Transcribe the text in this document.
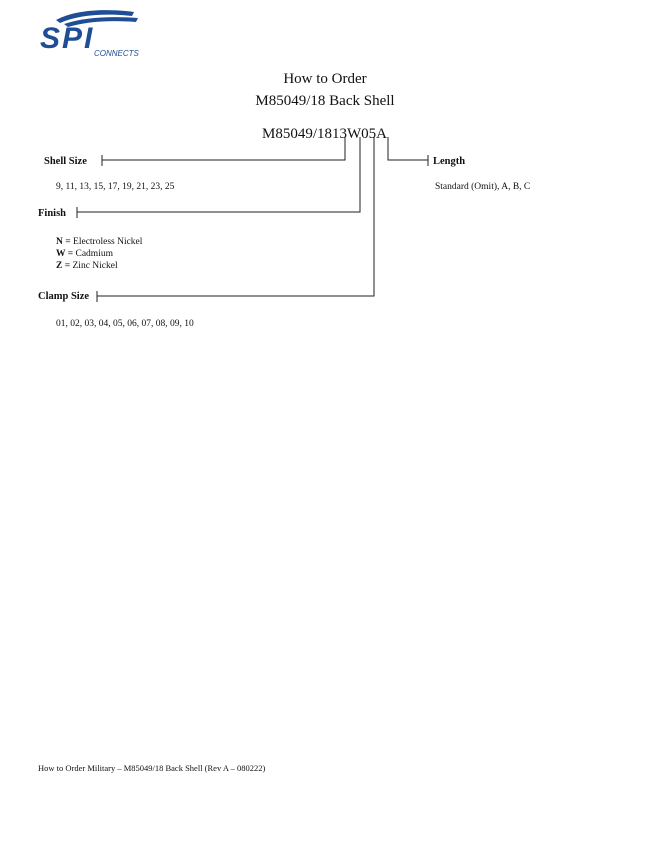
SPI CONNECTS
How to Order
M85049/18 Back Shell
M85049/1813W05A
Shell Size
9, 11, 13, 15, 17, 19, 21, 23, 25
Length
Standard (Omit), A, B, C
Finish
N = Electroless Nickel
W = Cadmium
Z = Zinc Nickel
Clamp Size
01, 02, 03, 04, 05, 06, 07, 08, 09, 10
How to Order Military – M85049/18 Back Shell (Rev A – 080222)
